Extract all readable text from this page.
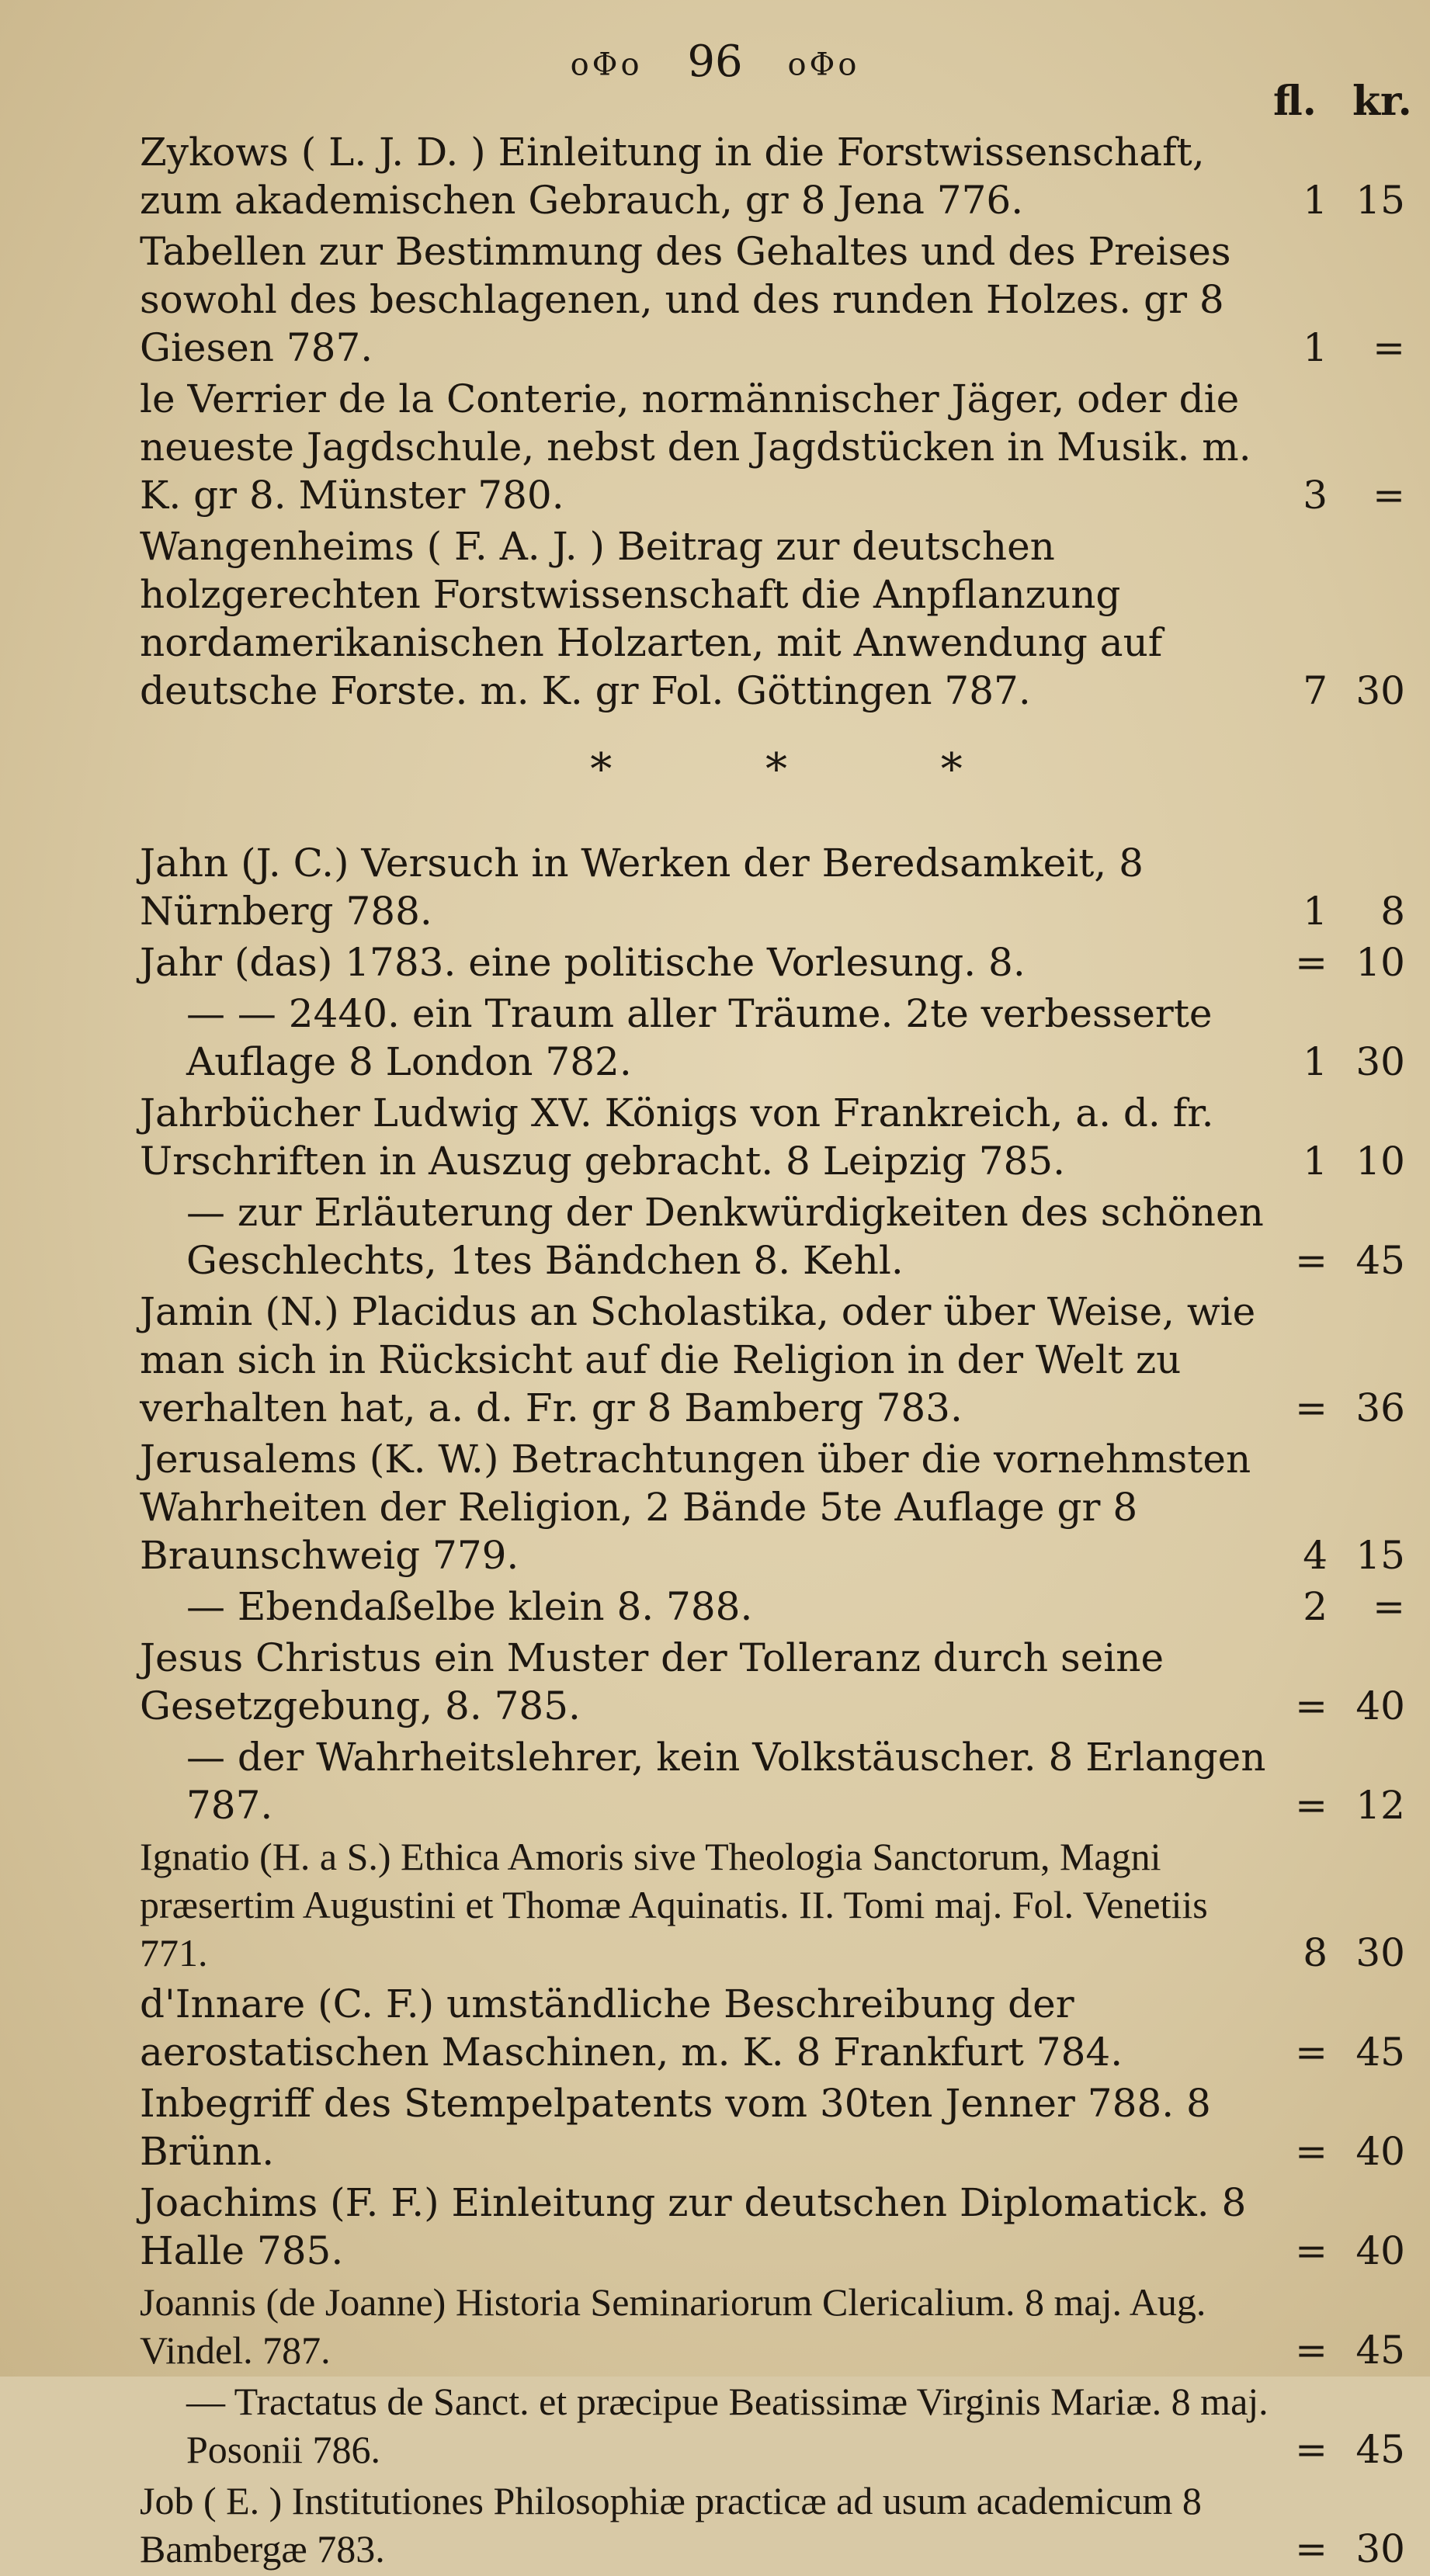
oΦo 96 oΦo
fl. kr.
Zykows ( L. J. D. ) Einleitung in die Forstwissenschaft, zum akademischen Gebrauch, gr 8 Jena 776.	1 15
Tabellen zur Bestimmung des Gehaltes und des Preises sowohl des beschlagenen, und des runden Holzes. gr 8 Giesen 787.	1	=
le Verrier de la Conterie, normännischer Jäger, oder die neueste Jagdschule, nebst den Jagdstücken in Musik. m. K. gr 8. Münster 780.	3	=
Wangenheims ( F. A. J. ) Beitrag zur deutschen holzgerechten Forstwissenschaft die Anpflanzung nordamerikanischen Holzarten, mit Anwendung auf deutsche Forste. m. K. gr Fol. Göttingen 787.	7 30
* * *
Jahn (J. C.) Versuch in Werken der Beredsamkeit, 8 Nürnberg 788.	1	8
Jahr (das) 1783. eine politische Vorlesung. 8.	= 10
— — 2440. ein Traum aller Träume. 2te verbesserte Auflage 8 London 782.	1 30
Jahrbücher Ludwig XV. Königs von Frankreich, a. d. fr. Urschriften in Auszug gebracht. 8 Leipzig 785.	1 10
— zur Erläuterung der Denkwürdigkeiten des schönen Geschlechts, 1tes Bändchen 8. Kehl.	= 45
Jamin (N.) Placidus an Scholastika, oder über Weise, wie man sich in Rücksicht auf die Religion in der Welt zu verhalten hat, a. d. Fr. gr 8 Bamberg 783.	= 36
Jerusalems (K. W.) Betrachtungen über die vornehmsten Wahrheiten der Religion, 2 Bände 5te Auflage gr 8 Braunschweig 779.	4 15
— Ebendaßelbe klein 8. 788.	2	=
Jesus Christus ein Muster der Tolleranz durch seine Gesetzgebung, 8. 785.	= 40
— der Wahrheitslehrer, kein Volkstäuscher. 8 Erlangen 787.	= 12
Ignatio (H. a S.) Ethica Amoris sive Theologia Sanctorum, Magni præsertim Augustini et Thomæ Aquinatis. II. Tomi maj. Fol. Venetiis 771.	8 30
d'Innare (C. F.) umständliche Beschreibung der aerostatischen Maschinen, m. K. 8 Frankfurt 784.	= 45
Inbegriff des Stempelpatents vom 30ten Jenner 788. 8 Brünn.	= 40
Joachims (F. F.) Einleitung zur deutschen Diplomatick. 8 Halle 785.	= 40
Joannis (de Joanne) Historia Seminariorum Clericalium. 8 maj. Aug. Vindel. 787.	= 45
— Tractatus de Sanct. et præcipue Beatissimæ Virginis Mariæ. 8 maj. Posonii 786.	= 45
Job ( E. ) Institutiones Philosophiæ practicæ ad usum academicum 8 Bambergæ 783.	= 30
